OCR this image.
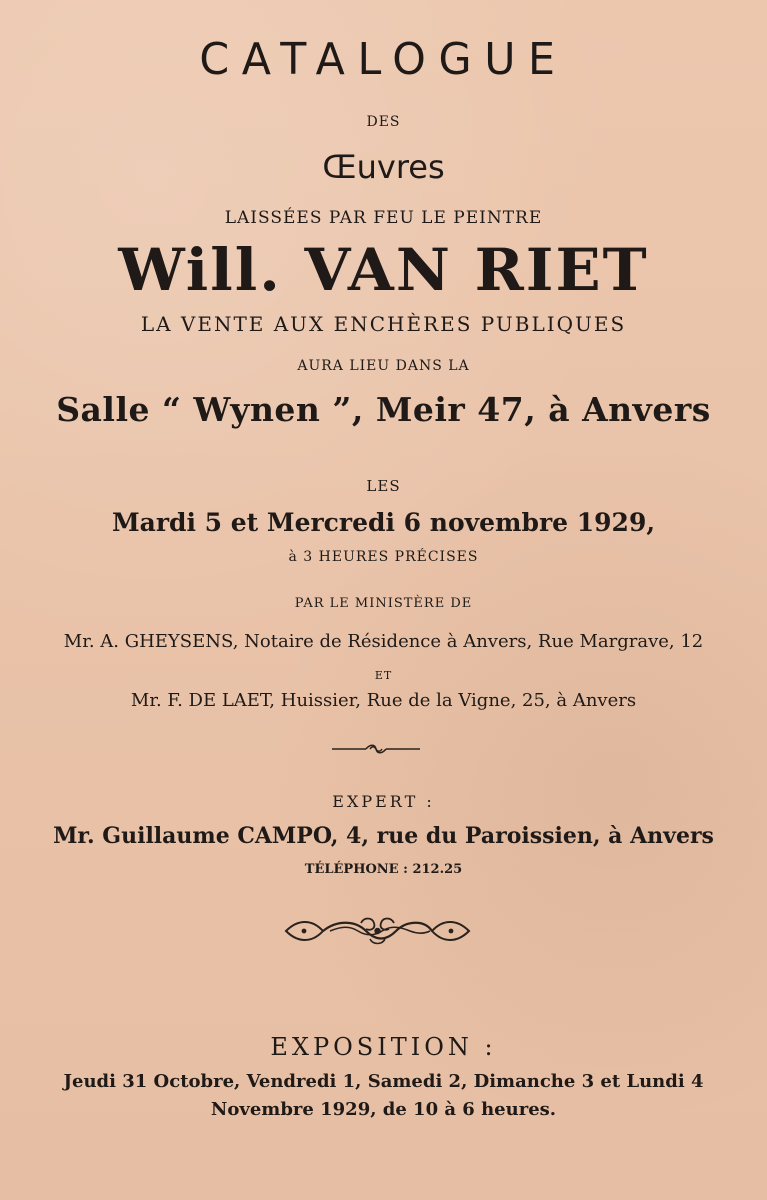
CATALOGUE
DES
Œuvres
LAISSÉES PAR FEU LE PEINTRE
Will. VAN RIET
LA VENTE AUX ENCHÈRES PUBLIQUES
AURA LIEU DANS LA
Salle “ Wynen ”, Meir 47, à Anvers
LES
Mardi 5 et Mercredi 6 novembre 1929,
à 3 HEURES PRÉCISES
PAR LE MINISTÈRE DE
Mr. A. GHEYSENS, Notaire de Résidence à Anvers, Rue Margrave, 12
ET
Mr. F. DE LAET, Huissier, Rue de la Vigne, 25, à Anvers
EXPERT :
Mr. Guillaume CAMPO, 4, rue du Paroissien, à Anvers
TÉLÉPHONE : 212.25
EXPOSITION :
Jeudi 31 Octobre, Vendredi 1, Samedi 2, Dimanche 3 et Lundi 4
Novembre 1929, de 10 à 6 heures.
